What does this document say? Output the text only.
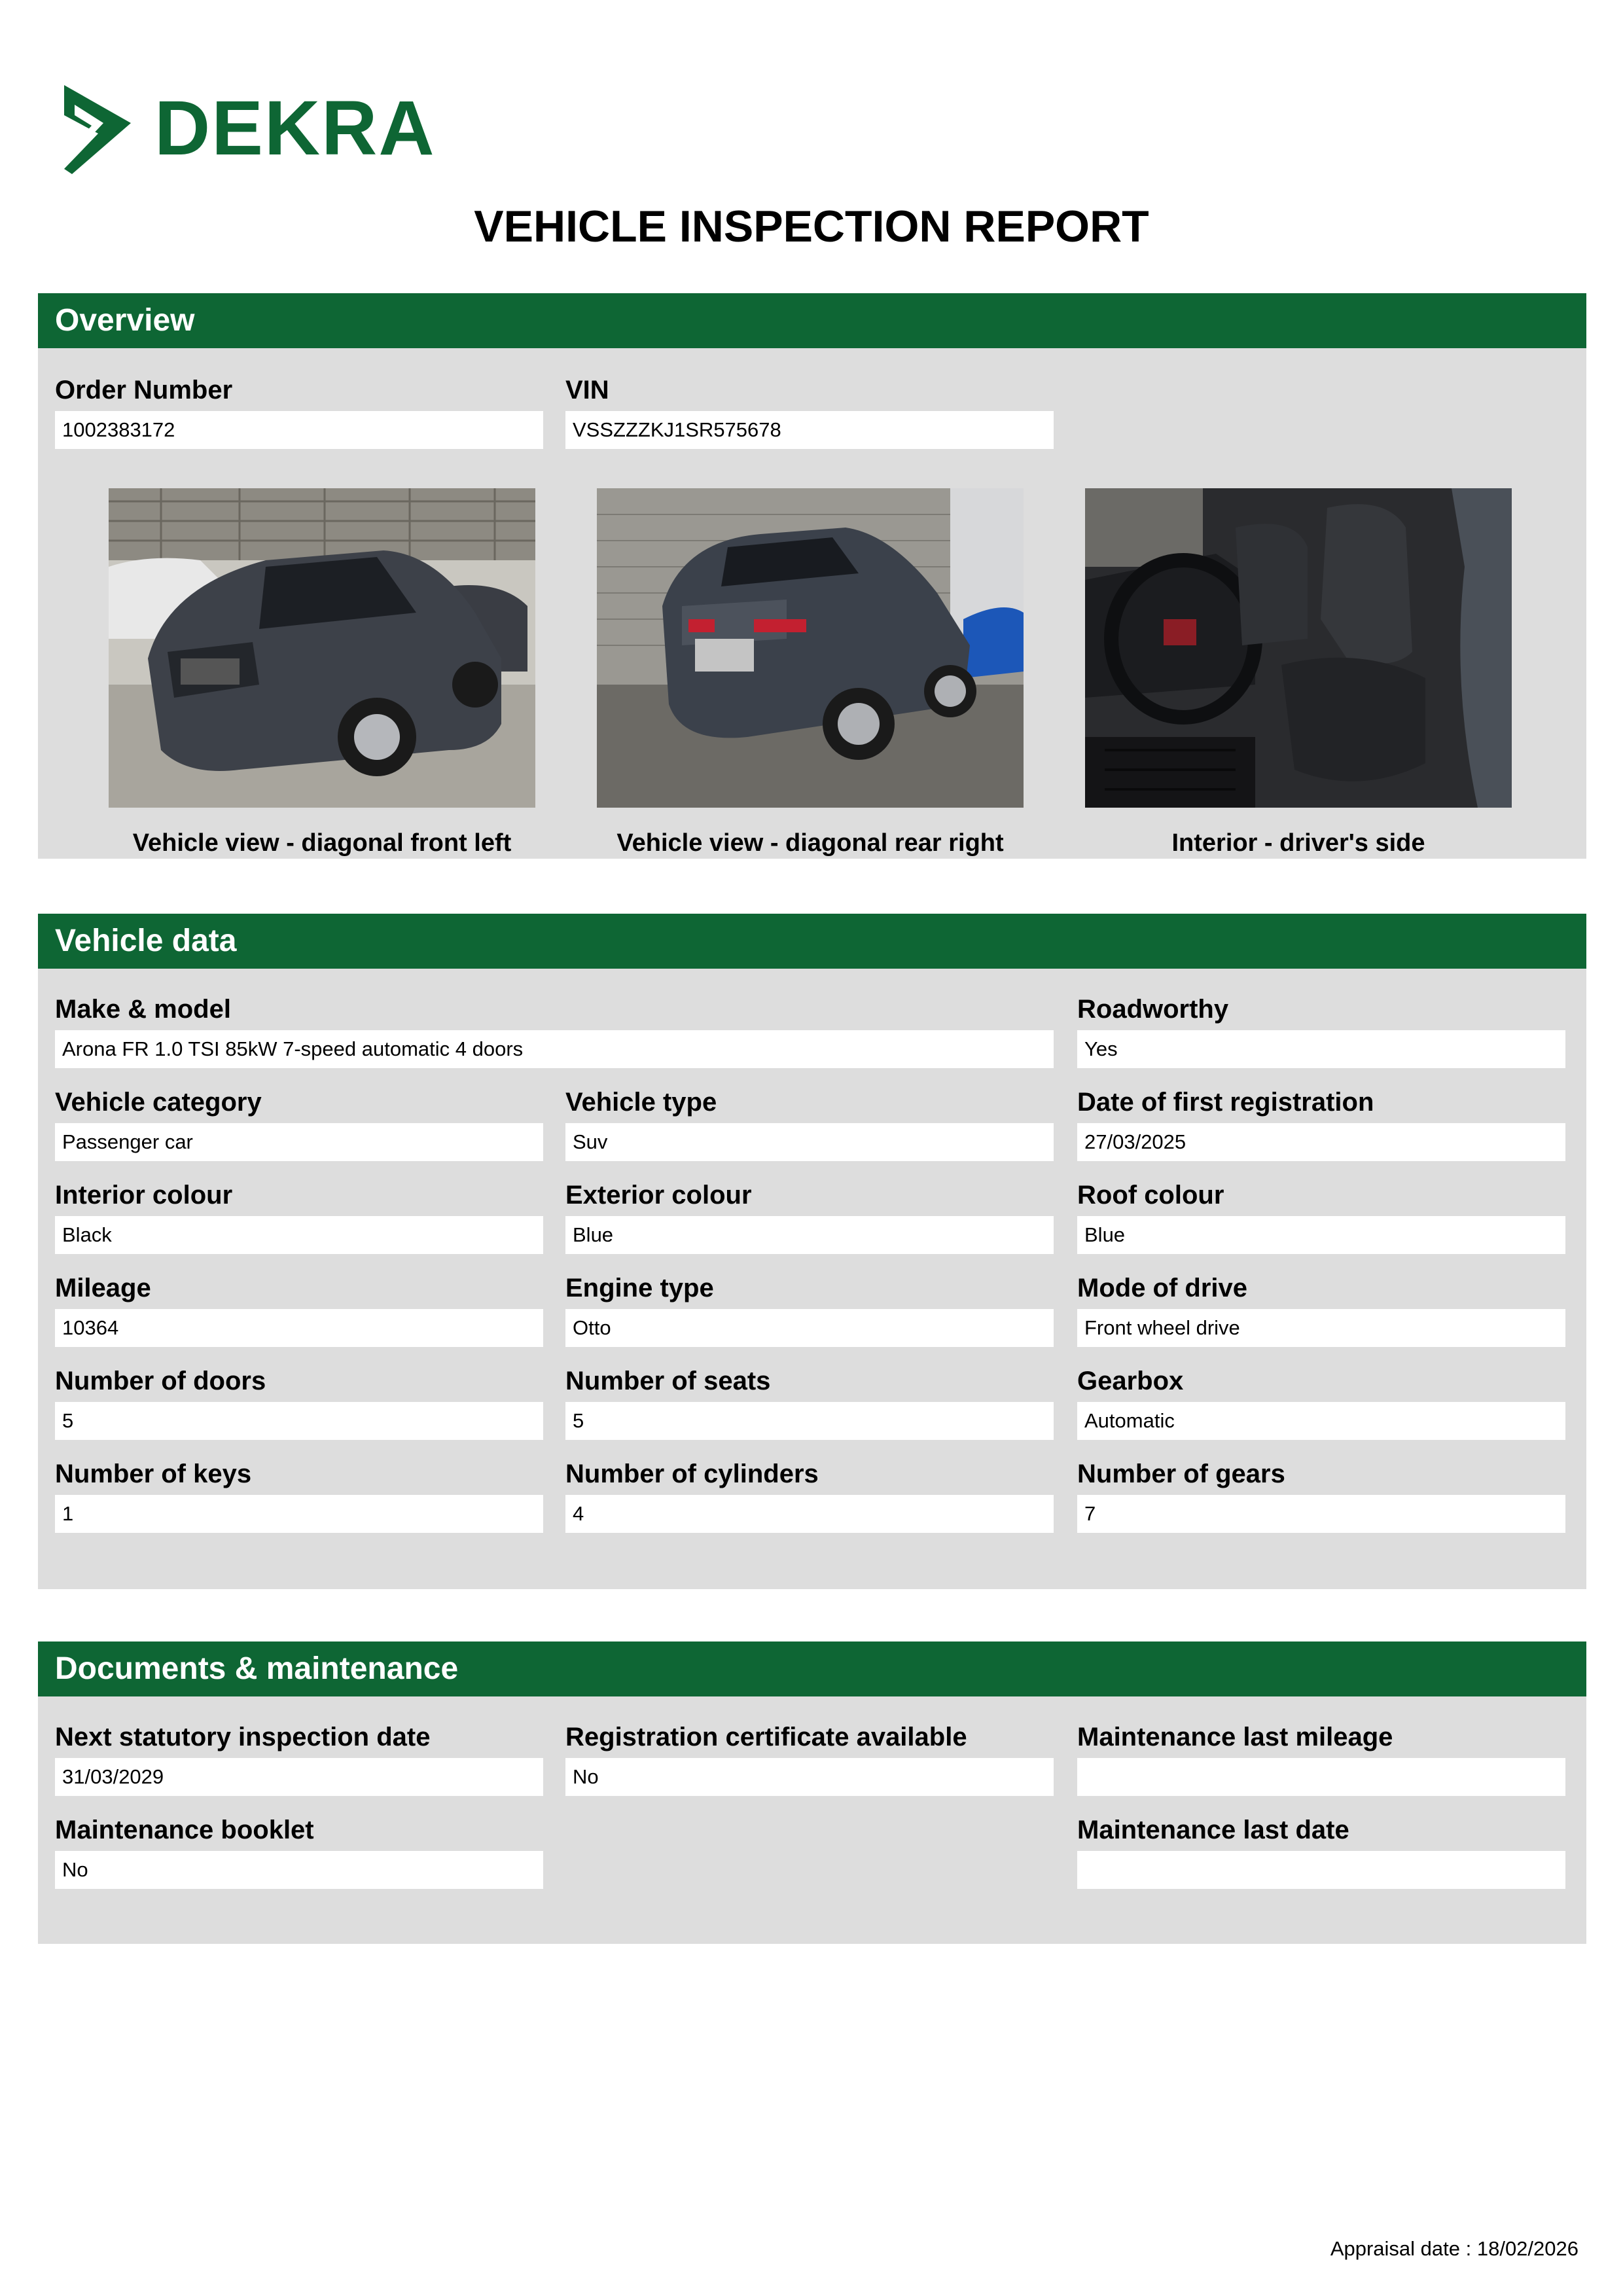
DEKRA
VEHICLE INSPECTION REPORT
Overview
Order Number
1002383172
VIN
VSSZZZKJ1SR575678
Vehicle view - diagonal front left	Vehicle view - diagonal rear right	Interior - driver's side
Vehicle data
Make & model
Arona FR 1.0 TSI 85kW 7-speed automatic 4 doors
Roadworthy
Yes
Vehicle category
Passenger car
Vehicle type
Suv
Date of first registration
27/03/2025
Interior colour
Black
Exterior colour
Blue
Roof colour
Blue
Mileage
10364
Engine type
Otto
Mode of drive
Front wheel drive
Number of doors
5
Number of seats
5
Gearbox
Automatic
Number of keys
1
Number of cylinders
4
Number of gears
7
Documents & maintenance
Next statutory inspection date
31/03/2029
Registration certificate available
No
Maintenance last mileage
Maintenance booklet
No
Maintenance last date
Appraisal date : 18/02/2026
